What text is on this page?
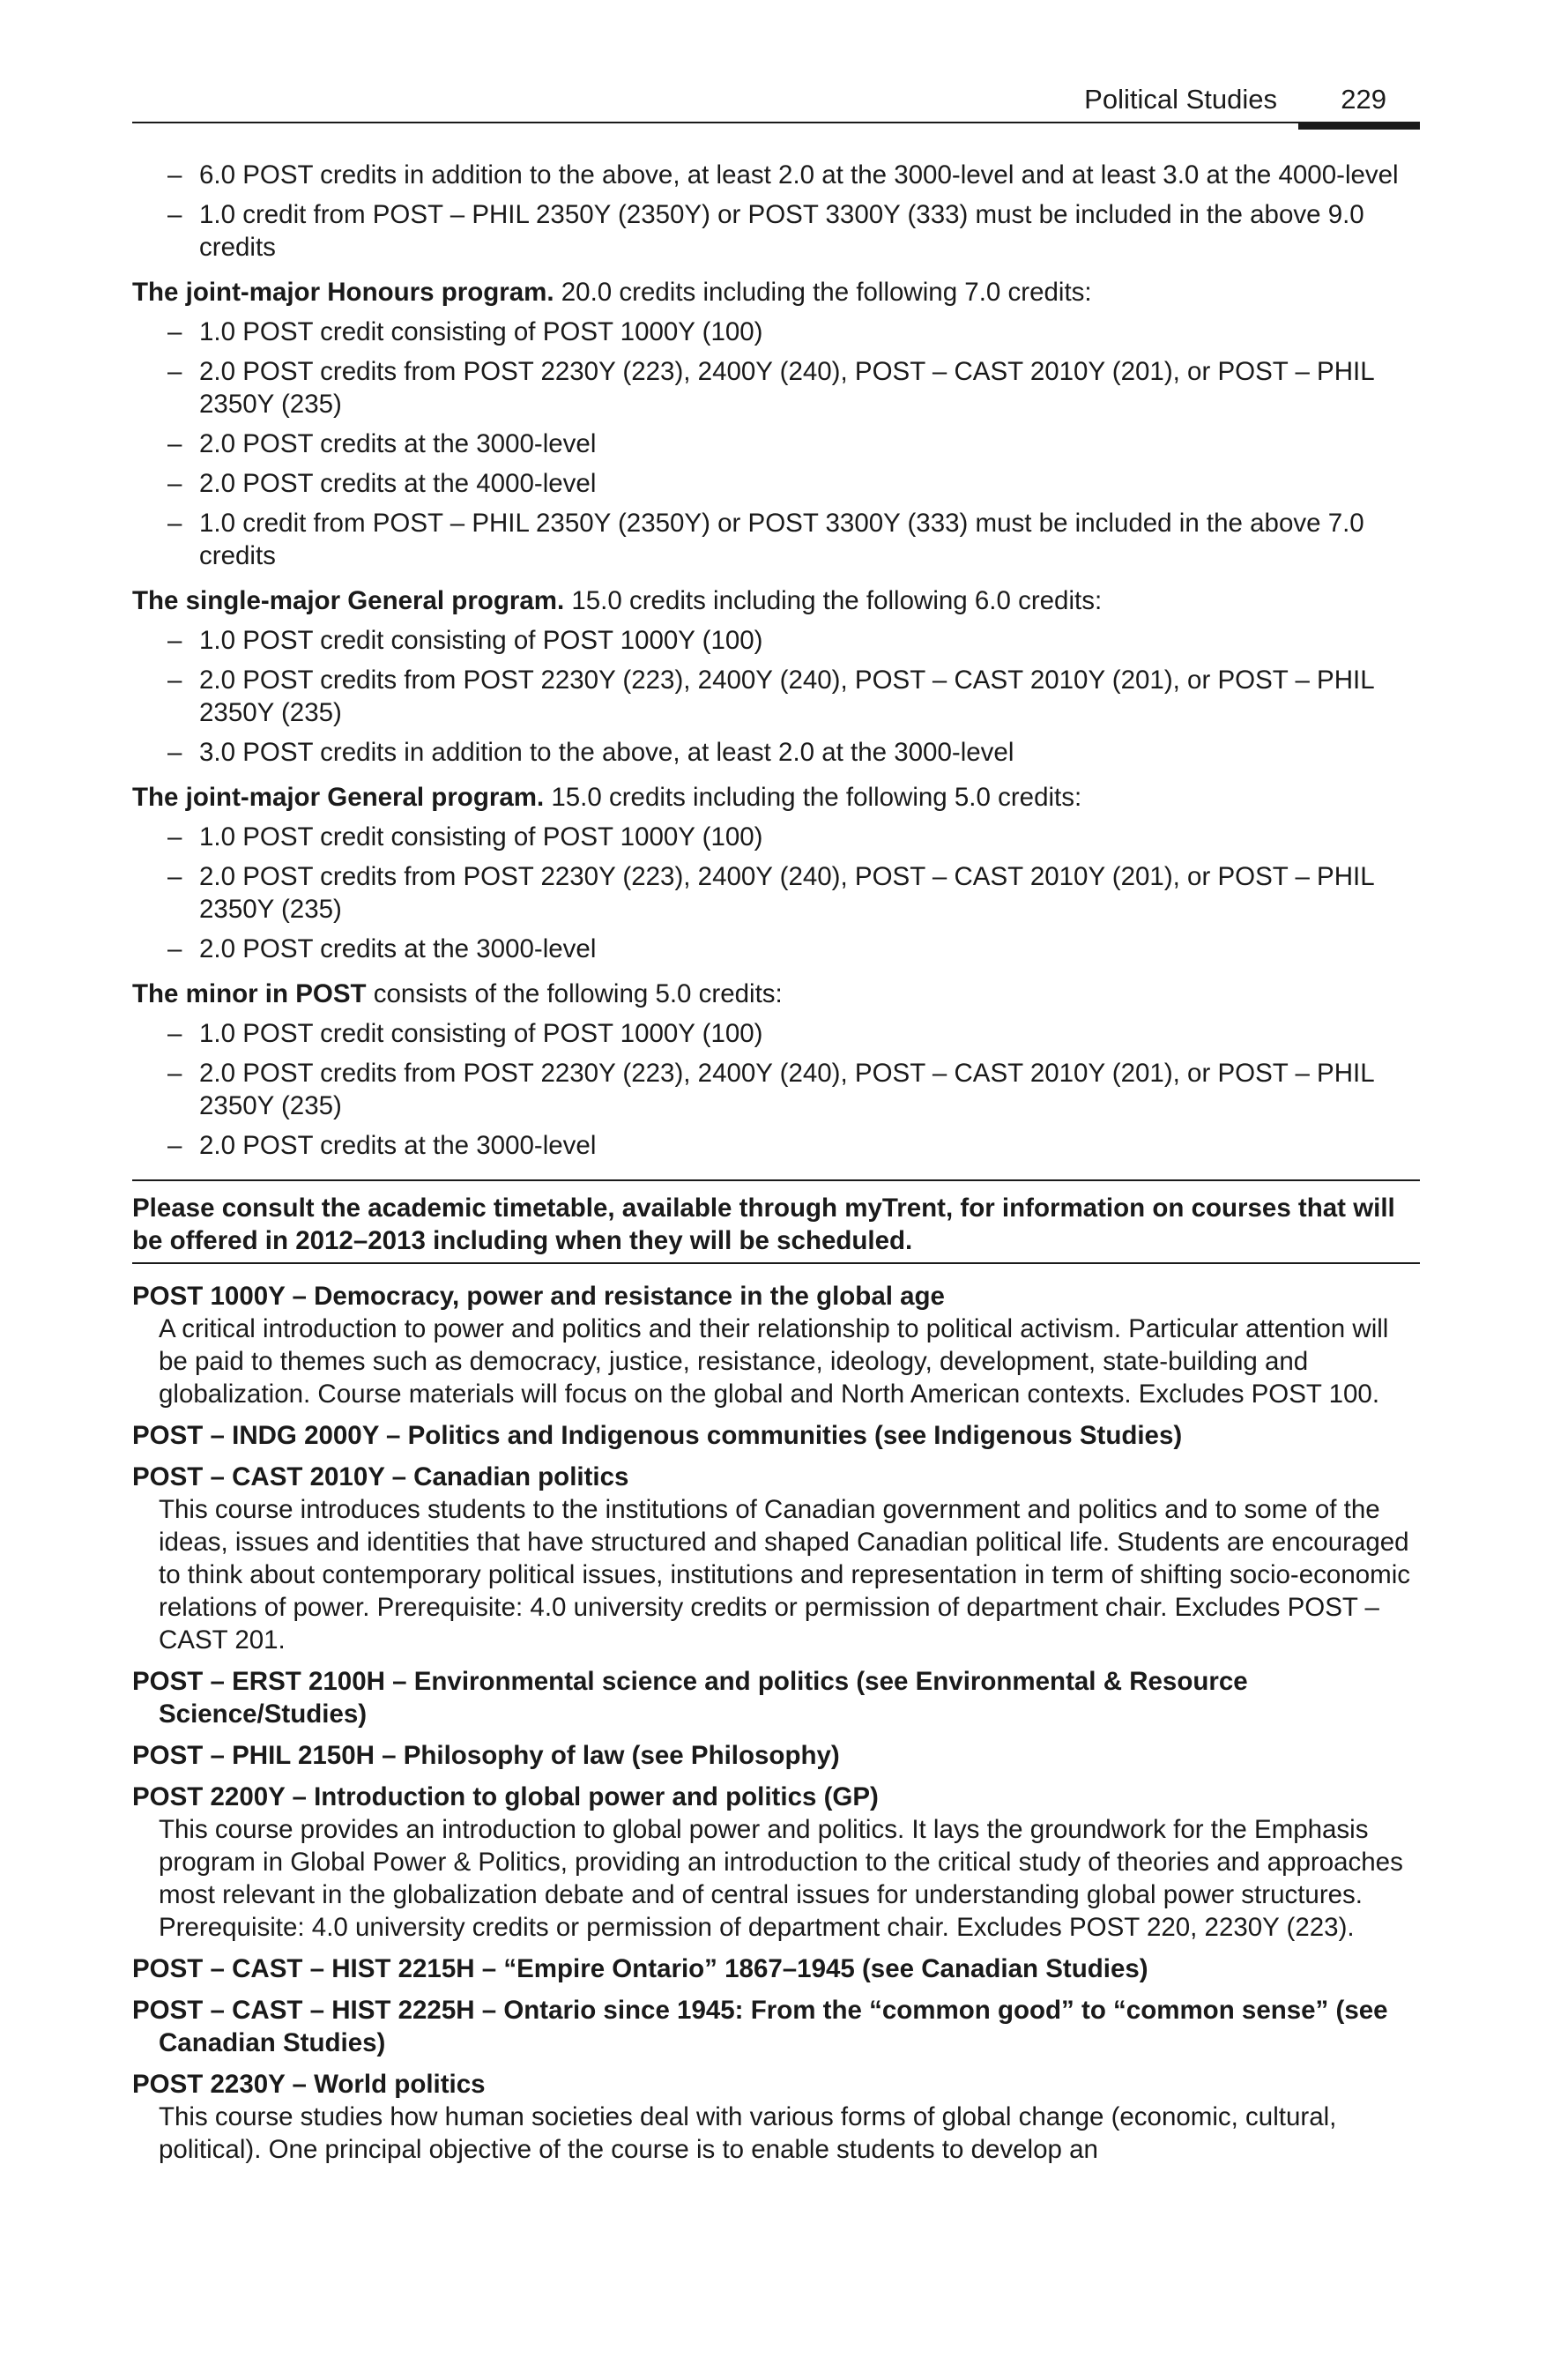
Political Studies 229
– 6.0 POST credits in addition to the above, at least 2.0 at the 3000-level and at least 3.0 at the 4000-level
– 1.0 credit from POST – PHIL 2350Y (2350Y) or POST 3300Y (333) must be included in the above 9.0 credits
The joint-major Honours program. 20.0 credits including the following 7.0 credits:
– 1.0 POST credit consisting of POST 1000Y (100)
– 2.0 POST credits from POST 2230Y (223), 2400Y (240), POST – CAST 2010Y (201), or POST – PHIL 2350Y (235)
– 2.0 POST credits at the 3000-level
– 2.0 POST credits at the 4000-level
– 1.0 credit from POST – PHIL 2350Y (2350Y) or POST 3300Y (333) must be included in the above 7.0 credits
The single-major General program. 15.0 credits including the following 6.0 credits:
– 1.0 POST credit consisting of POST 1000Y (100)
– 2.0 POST credits from POST 2230Y (223), 2400Y (240), POST – CAST 2010Y (201), or POST – PHIL 2350Y (235)
– 3.0 POST credits in addition to the above, at least 2.0 at the 3000-level
The joint-major General program. 15.0 credits including the following 5.0 credits:
– 1.0 POST credit consisting of POST 1000Y (100)
– 2.0 POST credits from POST 2230Y (223), 2400Y (240), POST – CAST 2010Y (201), or POST – PHIL 2350Y (235)
– 2.0 POST credits at the 3000-level
The minor in POST consists of the following 5.0 credits:
– 1.0 POST credit consisting of POST 1000Y (100)
– 2.0 POST credits from POST 2230Y (223), 2400Y (240), POST – CAST 2010Y (201), or POST – PHIL 2350Y (235)
– 2.0 POST credits at the 3000-level
Please consult the academic timetable, available through myTrent, for information on courses that will be offered in 2012–2013 including when they will be scheduled.
POST 1000Y – Democracy, power and resistance in the global age
A critical introduction to power and politics and their relationship to political activism. Particular attention will be paid to themes such as democracy, justice, resistance, ideology, development, state-building and globalization. Course materials will focus on the global and North American contexts. Excludes POST 100.
POST – INDG 2000Y – Politics and Indigenous communities (see Indigenous Studies)
POST – CAST 2010Y – Canadian politics
This course introduces students to the institutions of Canadian government and politics and to some of the ideas, issues and identities that have structured and shaped Canadian political life. Students are encouraged to think about contemporary political issues, institutions and representation in term of shifting socio-economic relations of power. Prerequisite: 4.0 university credits or permission of department chair. Excludes POST – CAST 201.
POST – ERST 2100H – Environmental science and politics (see Environmental & Resource Science/Studies)
POST – PHIL 2150H – Philosophy of law (see Philosophy)
POST 2200Y – Introduction to global power and politics (GP)
This course provides an introduction to global power and politics. It lays the groundwork for the Emphasis program in Global Power & Politics, providing an introduction to the critical study of theories and approaches most relevant in the globalization debate and of central issues for understanding global power structures. Prerequisite: 4.0 university credits or permission of department chair. Excludes POST 220, 2230Y (223).
POST – CAST – HIST 2215H – “Empire Ontario” 1867–1945 (see Canadian Studies)
POST – CAST – HIST 2225H – Ontario since 1945: From the “common good” to “common sense” (see Canadian Studies)
POST 2230Y – World politics
This course studies how human societies deal with various forms of global change (economic, cultural, political). One principal objective of the course is to enable students to develop an
